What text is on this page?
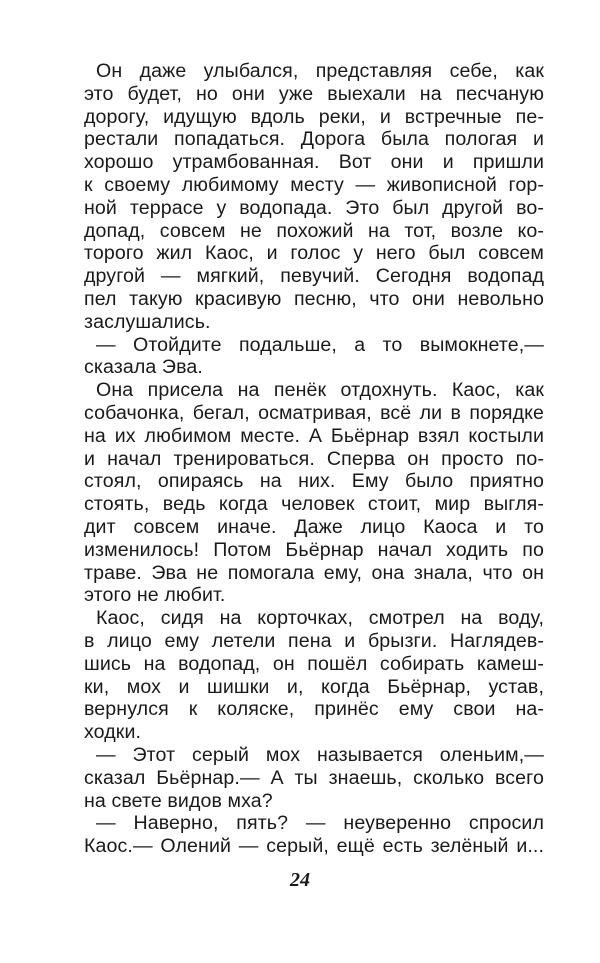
Он даже улыбался, представляя себе, как
это будет, но они уже выехали на песчаную
дорогу, идущую вдоль реки, и встречные пе-
рестали попадаться. Дорога была пологая и
хорошо утрамбованная. Вот они и пришли
к своему любимому месту — живописной гор-
ной террасе у водопада. Это был другой во-
допад, совсем не похожий на тот, возле ко-
торого жил Каос, и голос у него был совсем
другой — мягкий, певучий. Сегодня водопад
пел такую красивую песню, что они невольно
заслушались.
— Отойдите подальше, а то вымокнете,—
сказала Эва.
Она присела на пенёк отдохнуть. Каос, как
собачонка, бегал, осматривая, всё ли в порядке
на их любимом месте. А Бьёрнар взял костыли
и начал тренироваться. Сперва он просто по-
стоял, опираясь на них. Ему было приятно
стоять, ведь когда человек стоит, мир выгля-
дит совсем иначе. Даже лицо Каоса и то
изменилось! Потом Бьёрнар начал ходить по
траве. Эва не помогала ему, она знала, что он
этого не любит.
Каос, сидя на корточках, смотрел на воду,
в лицо ему летели пена и брызги. Наглядев-
шись на водопад, он пошёл собирать камеш-
ки, мох и шишки и, когда Бьёрнар, устав,
вернулся к коляске, принёс ему свои на-
ходки.
— Этот серый мох называется оленьим,—
сказал Бьёрнар.— А ты знаешь, сколько всего
на свете видов мха?
— Наверно, пять? — неуверенно спросил
Каос.— Олений — серый, ещё есть зелёный и...
24
